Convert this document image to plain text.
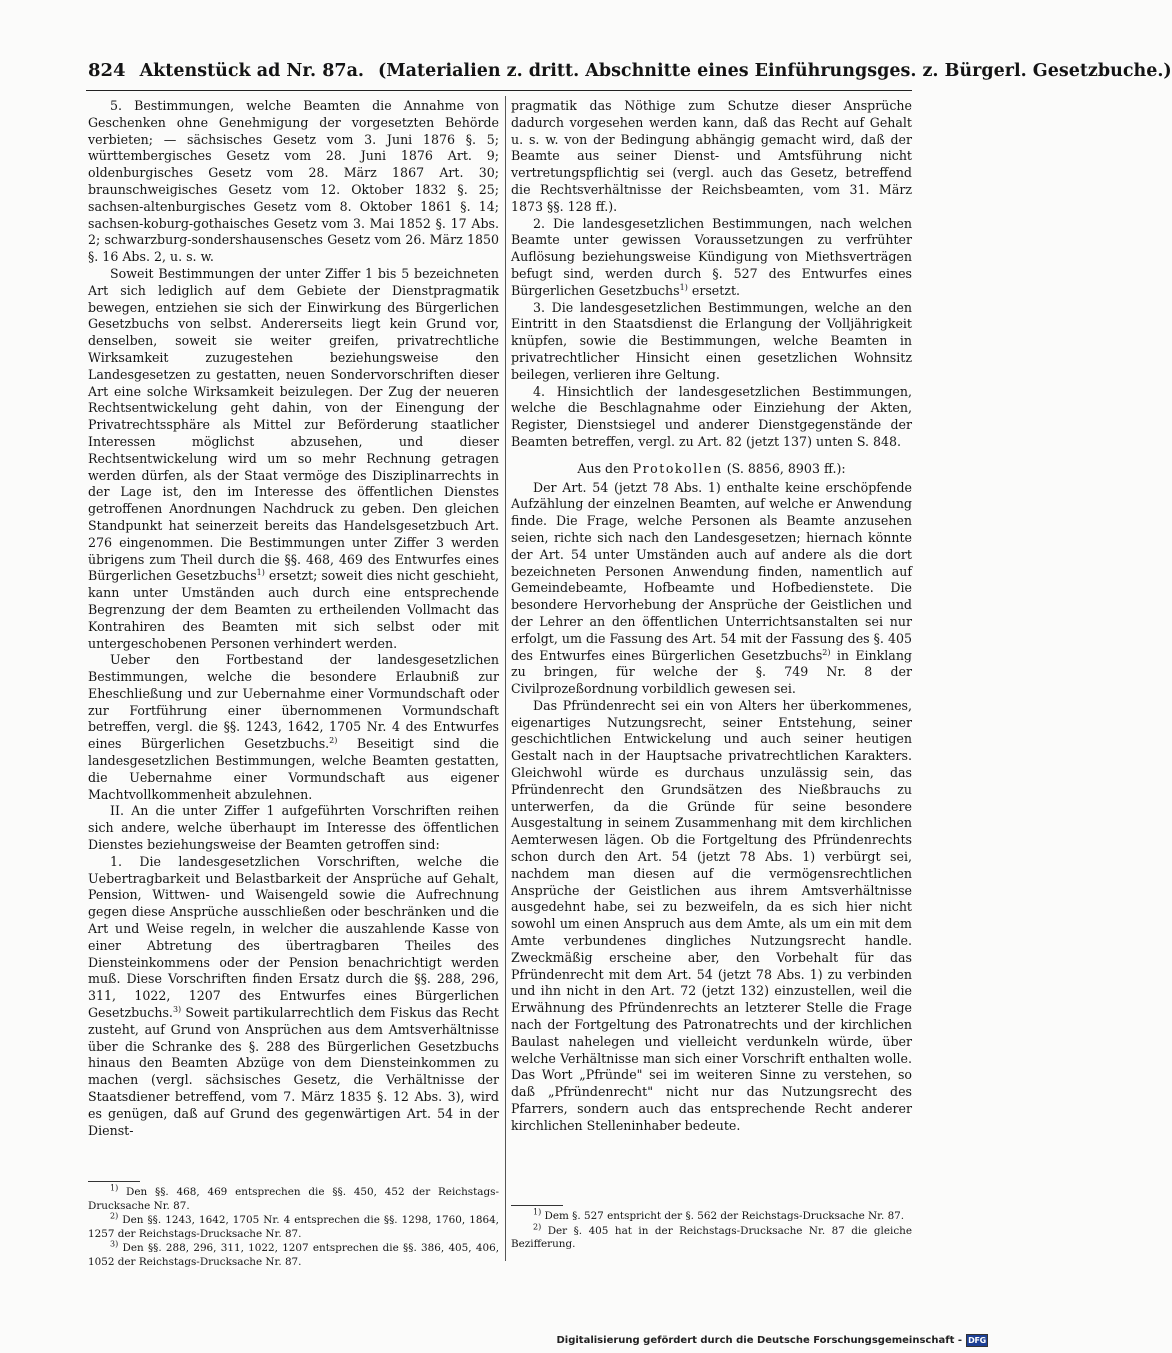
824 Aktenstück ad Nr. 87a. (Materialien z. dritt. Abschnitte eines Einführungsges. z. Bürgerl. Gesetzbuche.)

5. Bestimmungen, welche Beamten die Annahme von Geschenken ohne Genehmigung der vorgesetzten Behörde verbieten; — sächsisches Gesetz vom 3. Juni 1876 §. 5; württembergisches Gesetz vom 28. Juni 1876 Art. 9; oldenburgisches Gesetz vom 28. März 1867 Art. 30; braunschweigisches Gesetz vom 12. Oktober 1832 §. 25; sachsen-altenburgisches Gesetz vom 8. Oktober 1861 §. 14; sachsen-koburg-gothaisches Gesetz vom 3. Mai 1852 §. 17 Abs. 2; schwarzburg-sondershausensches Gesetz vom 26. März 1850 §. 16 Abs. 2, u. s. w.

Soweit Bestimmungen der unter Ziffer 1 bis 5 bezeichneten Art sich lediglich auf dem Gebiete der Dienstpragmatik bewegen, entziehen sie sich der Einwirkung des Bürgerlichen Gesetzbuchs von selbst. Andererseits liegt kein Grund vor, denselben, soweit sie weiter greifen, privatrechtliche Wirksamkeit zuzugestehen beziehungsweise den Landesgesetzen zu gestatten, neuen Sondervorschriften dieser Art eine solche Wirksamkeit beizulegen. Der Zug der neueren Rechtsentwickelung geht dahin, von der Einengung der Privatrechtssphäre als Mittel zur Beförderung staatlicher Interessen möglichst abzusehen, und dieser Rechtsentwickelung wird um so mehr Rechnung getragen werden dürfen, als der Staat vermöge des Disziplinarrechts in der Lage ist, den im Interesse des öffentlichen Dienstes getroffenen Anordnungen Nachdruck zu geben. Den gleichen Standpunkt hat seinerzeit bereits das Handelsgesetzbuch Art. 276 eingenommen. Die Bestimmungen unter Ziffer 3 werden übrigens zum Theil durch die §§. 468, 469 des Entwurfes eines Bürgerlichen Gesetzbuchs$^{1)}$ ersetzt; soweit dies nicht geschieht, kann unter Umständen auch durch eine entsprechende Begrenzung der dem Beamten zu ertheilenden Vollmacht das Kontrahiren des Beamten mit sich selbst oder mit untergeschobenen Personen verhindert werden.

Ueber den Fortbestand der landesgesetzlichen Bestimmungen, welche die besondere Erlaubniß zur Eheschließung und zur Uebernahme einer Vormundschaft oder zur Fortführung einer übernommenen Vormundschaft betreffen, vergl. die §§. 1243, 1642, 1705 Nr. 4 des Entwurfes eines Bürgerlichen Gesetzbuchs.$^{2)}$ Beseitigt sind die landesgesetzlichen Bestimmungen, welche Beamten gestatten, die Uebernahme einer Vormundschaft aus eigener Machtvollkommenheit abzulehnen.

II. An die unter Ziffer 1 aufgeführten Vorschriften reihen sich andere, welche überhaupt im Interesse des öffentlichen Dienstes beziehungsweise der Beamten getroffen sind:

1. Die landesgesetzlichen Vorschriften, welche die Uebertragbarkeit und Belastbarkeit der Ansprüche auf Gehalt, Pension, Wittwen- und Waisengeld sowie die Aufrechnung gegen diese Ansprüche ausschließen oder beschränken und die Art und Weise regeln, in welcher die auszahlende Kasse von einer Abtretung des übertragbaren Theiles des Diensteinkommens oder der Pension benachrichtigt werden muß. Diese Vorschriften finden Ersatz durch die §§. 288, 296, 311, 1022, 1207 des Entwurfes eines Bürgerlichen Gesetzbuchs.$^{3)}$ Soweit partikularrechtlich dem Fiskus das Recht zusteht, auf Grund von Ansprüchen aus dem Amtsverhältnisse über die Schranke des §. 288 des Bürgerlichen Gesetzbuchs hinaus den Beamten Abzüge von dem Diensteinkommen zu machen (vergl. sächsisches Gesetz, die Verhältnisse der Staatsdiener betreffend, vom 7. März 1835 §. 12 Abs. 3), wird es genügen, daß auf Grund des gegenwärtigen Art. 54 in der Dienst-

pragmatik das Nöthige zum Schutze dieser Ansprüche dadurch vorgesehen werden kann, daß das Recht auf Gehalt u. s. w. von der Bedingung abhängig gemacht wird, daß der Beamte aus seiner Dienst- und Amtsführung nicht vertretungspflichtig sei (vergl. auch das Gesetz, betreffend die Rechtsverhältnisse der Reichsbeamten, vom 31. März 1873 §§. 128 ff.).

2. Die landesgesetzlichen Bestimmungen, nach welchen Beamte unter gewissen Voraussetzungen zu verfrühter Auflösung beziehungsweise Kündigung von Miethsverträgen befugt sind, werden durch §. 527 des Entwurfes eines Bürgerlichen Gesetzbuchs$^{1)}$ ersetzt.

3. Die landesgesetzlichen Bestimmungen, welche an den Eintritt in den Staatsdienst die Erlangung der Volljährigkeit knüpfen, sowie die Bestimmungen, welche Beamten in privatrechtlicher Hinsicht einen gesetzlichen Wohnsitz beilegen, verlieren ihre Geltung.

4. Hinsichtlich der landesgesetzlichen Bestimmungen, welche die Beschlagnahme oder Einziehung der Akten, Register, Dienstsiegel und anderer Dienstgegenstände der Beamten betreffen, vergl. zu Art. 82 (jetzt 137) unten S. 848.

Aus den Protokollen (S. 8856, 8903 ff.):

Der Art. 54 (jetzt 78 Abs. 1) enthalte keine erschöpfende Aufzählung der einzelnen Beamten, auf welche er Anwendung finde. Die Frage, welche Personen als Beamte anzusehen seien, richte sich nach den Landesgesetzen; hiernach könnte der Art. 54 unter Umständen auch auf andere als die dort bezeichneten Personen Anwendung finden, namentlich auf Gemeindebeamte, Hofbeamte und Hofbedienstete. Die besondere Hervorhebung der Ansprüche der Geistlichen und der Lehrer an den öffentlichen Unterrichtsanstalten sei nur erfolgt, um die Fassung des Art. 54 mit der Fassung des §. 405 des Entwurfes eines Bürgerlichen Gesetzbuchs$^{2)}$ in Einklang zu bringen, für welche der §. 749 Nr. 8 der Civilprozeßordnung vorbildlich gewesen sei.

Das Pfründenrecht sei ein von Alters her überkommenes, eigenartiges Nutzungsrecht, seiner Entstehung, seiner geschichtlichen Entwickelung und auch seiner heutigen Gestalt nach in der Hauptsache privatrechtlichen Karakters. Gleichwohl würde es durchaus unzulässig sein, das Pfründenrecht den Grundsätzen des Nießbrauchs zu unterwerfen, da die Gründe für seine besondere Ausgestaltung in seinem Zusammenhang mit dem kirchlichen Aemterwesen lägen. Ob die Fortgeltung des Pfründenrechts schon durch den Art. 54 (jetzt 78 Abs. 1) verbürgt sei, nachdem man diesen auf die vermögensrechtlichen Ansprüche der Geistlichen aus ihrem Amtsverhältnisse ausgedehnt habe, sei zu bezweifeln, da es sich hier nicht sowohl um einen Anspruch aus dem Amte, als um ein mit dem Amte verbundenes dingliches Nutzungsrecht handle. Zweckmäßig erscheine aber, den Vorbehalt für das Pfründenrecht mit dem Art. 54 (jetzt 78 Abs. 1) zu verbinden und ihn nicht in den Art. 72 (jetzt 132) einzustellen, weil die Erwähnung des Pfründenrechts an letzterer Stelle die Frage nach der Fortgeltung des Patronatrechts und der kirchlichen Baulast nahelegen und vielleicht verdunkeln würde, über welche Verhältnisse man sich einer Vorschrift enthalten wolle. Das Wort „Pfründe" sei im weiteren Sinne zu verstehen, so daß „Pfründenrecht" nicht nur das Nutzungsrecht des Pfarrers, sondern auch das entsprechende Recht anderer kirchlichen Stelleninhaber bedeute.

$^{1)}$ Den §§. 468, 469 entsprechen die §§. 450, 452 der Reichstags-Drucksache Nr. 87.

$^{2)}$ Den §§. 1243, 1642, 1705 Nr. 4 entsprechen die §§. 1298, 1760, 1864, 1257 der Reichstags-Drucksache Nr. 87.

$^{3)}$ Den §§. 288, 296, 311, 1022, 1207 entsprechen die §§. 386, 405, 406, 1052 der Reichstags-Drucksache Nr. 87.

$^{1)}$ Dem §. 527 entspricht der §. 562 der Reichstags-Drucksache Nr. 87.

$^{2)}$ Der §. 405 hat in der Reichstags-Drucksache Nr. 87 die gleiche Bezifferung.

Digitalisierung gefördert durch die Deutsche Forschungsgemeinschaft - DFG
